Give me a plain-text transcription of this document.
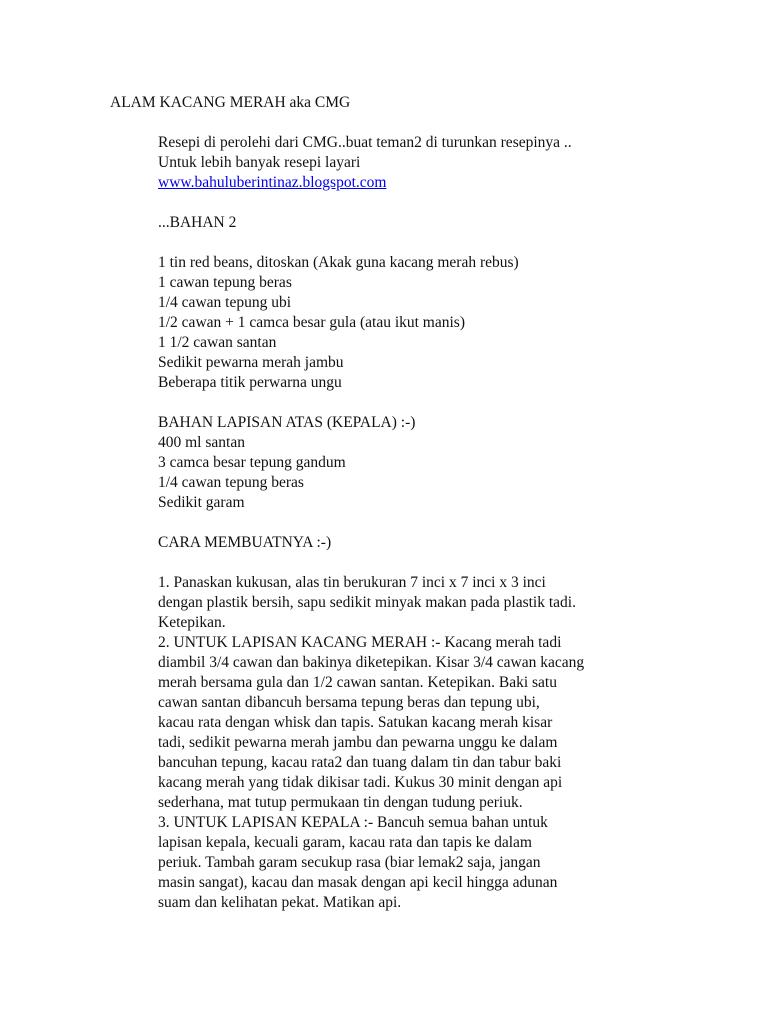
ALAM KACANG MERAH aka CMG
Resepi di perolehi dari CMG..buat teman2 di turunkan resepinya ..
Untuk lebih banyak resepi layari
www.bahuluberintinaz.blogspot.com
...BAHAN 2
1 tin red beans, ditoskan (Akak guna kacang merah rebus)
1 cawan tepung beras
1/4 cawan tepung ubi
1/2 cawan + 1 camca besar gula (atau ikut manis)
1 1/2 cawan santan
Sedikit pewarna merah jambu
Beberapa titik perwarna ungu
BAHAN LAPISAN ATAS (KEPALA) :-)
400 ml santan
3 camca besar tepung gandum
1/4 cawan tepung beras
Sedikit garam
CARA MEMBUATNYA :-)
1. Panaskan kukusan, alas tin berukuran 7 inci x 7 inci x 3 inci
dengan plastik bersih, sapu sedikit minyak makan pada plastik tadi.
Ketepikan.
2. UNTUK LAPISAN KACANG MERAH :- Kacang merah tadi
diambil 3/4 cawan dan bakinya diketepikan. Kisar 3/4 cawan kacang
merah bersama gula dan 1/2 cawan santan. Ketepikan. Baki satu
cawan santan dibancuh bersama tepung beras dan tepung ubi,
kacau rata dengan whisk dan tapis. Satukan kacang merah kisar
tadi, sedikit pewarna merah jambu dan pewarna unggu ke dalam
bancuhan tepung, kacau rata2 dan tuang dalam tin dan tabur baki
kacang merah yang tidak dikisar tadi. Kukus 30 minit dengan api
sederhana, mat tutup permukaan tin dengan tudung periuk.
3. UNTUK LAPISAN KEPALA :- Bancuh semua bahan untuk
lapisan kepala, kecuali garam, kacau rata dan tapis ke dalam
periuk. Tambah garam secukup rasa (biar lemak2 saja, jangan
masin sangat), kacau dan masak dengan api kecil hingga adunan
suam dan kelihatan pekat. Matikan api.
